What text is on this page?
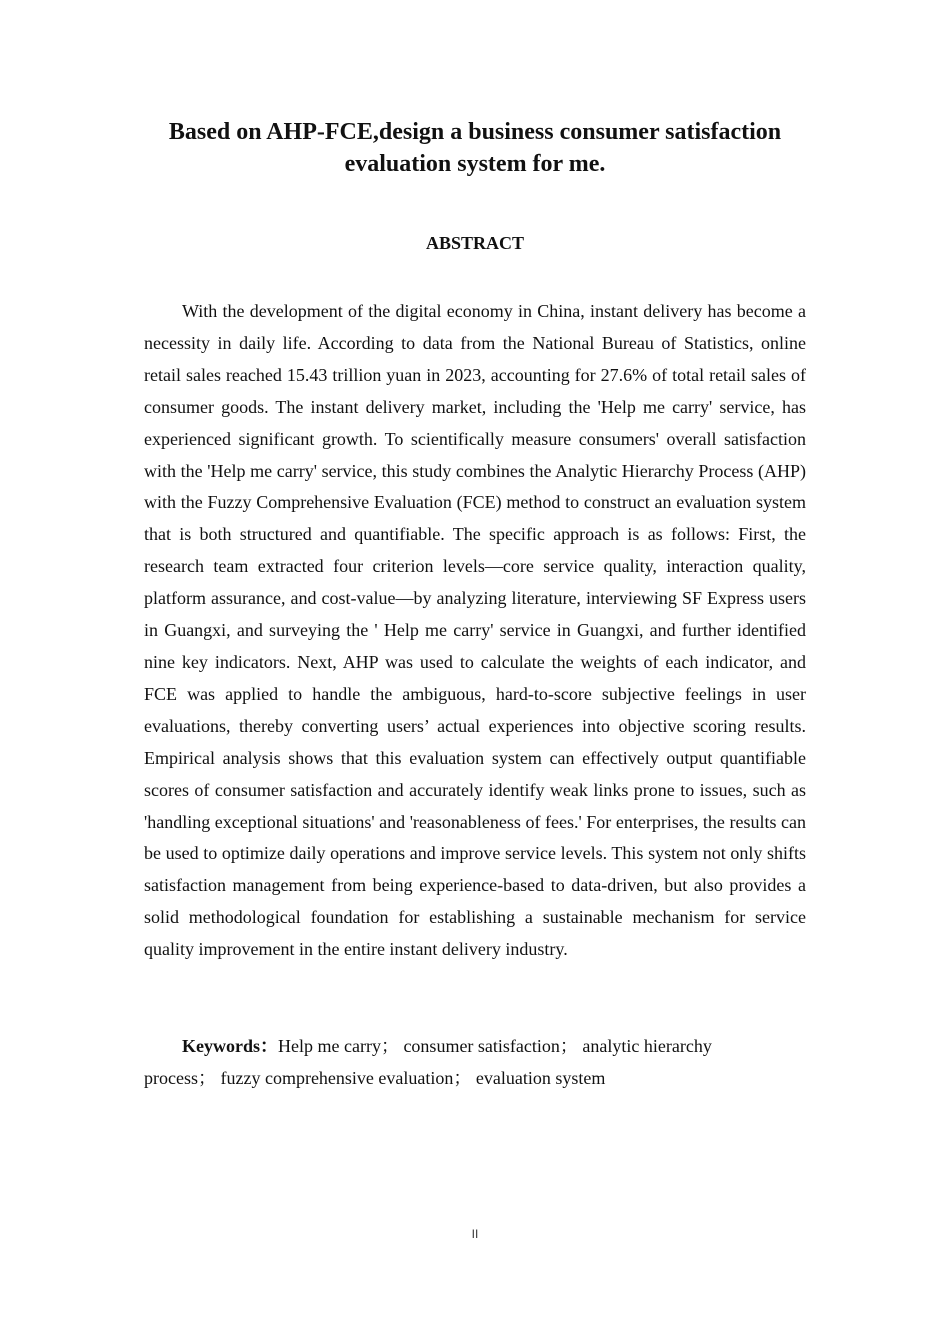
Based on AHP-FCE,design a business consumer satisfaction evaluation system for me.
ABSTRACT

With the development of the digital economy in China, instant delivery has become a necessity in daily life. According to data from the National Bureau of Statistics, online retail sales reached 15.43 trillion yuan in 2023, accounting for 27.6% of total retail sales of consumer goods. The instant delivery market, including the 'Help me carry' service, has experienced significant growth. To scientifically measure consumers' overall satisfaction with the 'Help me carry' service, this study combines the Analytic Hierarchy Process (AHP) with the Fuzzy Comprehensive Evaluation (FCE) method to construct an evaluation system that is both structured and quantifiable. The specific approach is as follows: First, the research team extracted four criterion levels—core service quality, interaction quality, platform assurance, and cost-value—by analyzing literature, interviewing SF Express users in Guangxi, and surveying the ' Help me carry' service in Guangxi, and further identified nine key indicators. Next, AHP was used to calculate the weights of each indicator, and FCE was applied to handle the ambiguous, hard-to-score subjective feelings in user evaluations, thereby converting users’ actual experiences into objective scoring results. Empirical analysis shows that this evaluation system can effectively output quantifiable scores of consumer satisfaction and accurately identify weak links prone to issues, such as 'handling exceptional situations' and 'reasonableness of fees.' For enterprises, the results can be used to optimize daily operations and improve service levels. This system not only shifts satisfaction management from being experience-based to data-driven, but also provides a solid methodological foundation for establishing a sustainable mechanism for service quality improvement in the entire instant delivery industry.

Keywords：Help me carry； consumer satisfaction； analytic hierarchy process； fuzzy comprehensive evaluation； evaluation system

II
